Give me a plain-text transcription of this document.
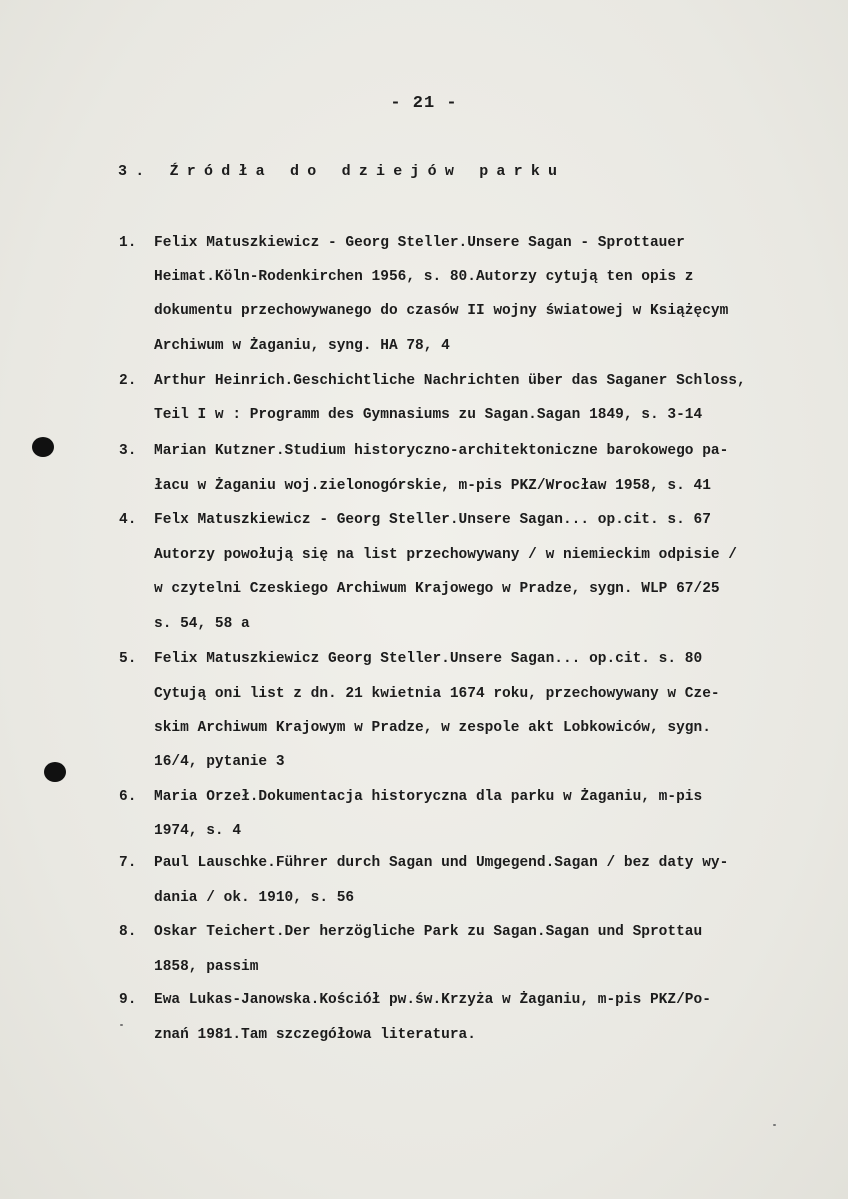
- 21 -
3. Źródła do dziejów parku

1.

Felix Matuszkiewicz - Georg Steller.Unsere Sagan - Sprottauer

Heimat.Köln-Rodenkirchen 1956, s. 80.Autorzy cytują ten opis z

dokumentu przechowywanego do czasów II wojny światowej w Książęcym

Archiwum w Żaganiu, syng. HA 78, 4

2.

Arthur Heinrich.Geschichtliche Nachrichten über das Saganer Schloss,

Teil I w : Programm des Gymnasiums zu Sagan.Sagan 1849, s. 3-14

3.

Marian Kutzner.Studium historyczno-architektoniczne barokowego pa-

łacu w Żaganiu woj.zielonogórskie, m-pis PKZ/Wrocław 1958, s. 41

4.

Felx Matuszkiewicz - Georg Steller.Unsere Sagan... op.cit. s. 67

Autorzy powołują się na list przechowywany / w niemieckim odpisie /

w czytelni Czeskiego Archiwum Krajowego w Pradze, sygn. WLP 67/25

s. 54, 58 a

5.

Felix Matuszkiewicz Georg Steller.Unsere Sagan... op.cit. s. 80

Cytują oni list z dn. 21 kwietnia 1674 roku, przechowywany w Cze-

skim Archiwum Krajowym w Pradze, w zespole akt Lobkowiców, sygn.

16/4, pytanie 3

6.

Maria Orzeł.Dokumentacja historyczna dla parku w Żaganiu, m-pis

1974, s. 4

7.

Paul Lauschke.Führer durch Sagan und Umgegend.Sagan / bez daty wy-

dania / ok. 1910, s. 56

8.

Oskar Teichert.Der herzögliche Park zu Sagan.Sagan und Sprottau

1858, passim

9.

Ewa Lukas-Janowska.Kościół pw.św.Krzyża w Żaganiu, m-pis PKZ/Po-

znań 1981.Tam szczegółowa literatura.
